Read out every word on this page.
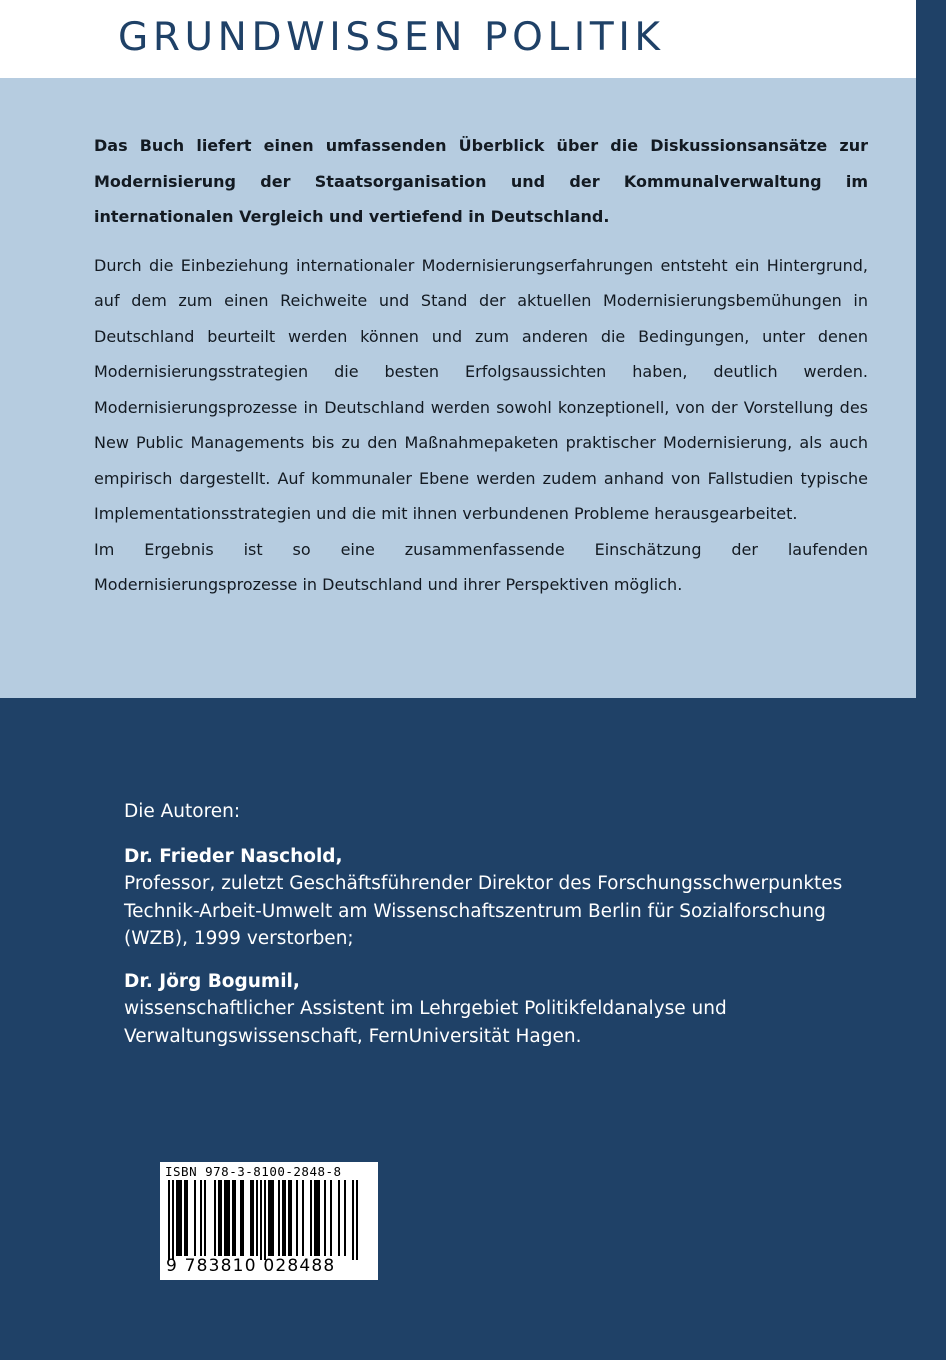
GRUNDWISSEN POLITIK

Das Buch liefert einen umfassenden Überblick über die Diskussionsansätze zur Modernisierung der Staatsorganisation und der Kommunalverwaltung im internationalen Vergleich und vertiefend in Deutschland.

Durch die Einbeziehung internationaler Modernisierungserfahrungen entsteht ein Hintergrund, auf dem zum einen Reichweite und Stand der aktuellen Modernisierungsbemühungen in Deutschland beurteilt werden können und zum anderen die Bedingungen, unter denen Modernisierungsstrategien die besten Erfolgsaussichten haben, deutlich werden. Modernisierungsprozesse in Deutschland werden sowohl konzeptionell, von der Vorstellung des New Public Managements bis zu den Maßnahmepaketen praktischer Modernisierung, als auch empirisch dargestellt. Auf kommunaler Ebene werden zudem anhand von Fallstudien typische Implementationsstrategien und die mit ihnen verbundenen Probleme herausgearbeitet.

Im Ergebnis ist so eine zusammenfassende Einschätzung der laufenden Modernisierungsprozesse in Deutschland und ihrer Perspektiven möglich.

Die Autoren:
Dr. Frieder Naschold,
Professor, zuletzt Geschäftsführender Direktor des Forschungsschwerpunktes Technik-Arbeit-Umwelt am Wissenschaftszentrum Berlin für Sozialforschung (WZB), 1999 verstorben;
Dr. Jörg Bogumil,
wissenschaftlicher Assistent im Lehrgebiet Politikfeldanalyse und Verwaltungswissenschaft, FernUniversität Hagen.
ISBN 978-3-8100-2848-8
9 783810 028488
